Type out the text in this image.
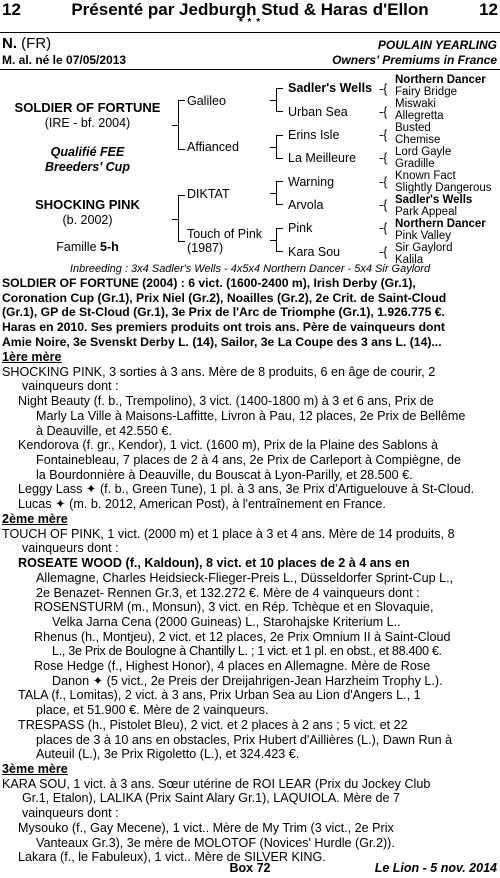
12	Présenté par Jedburgh Stud & Haras d'Ellon	12
* * *
N. (FR)	POULAIN YEARLING
M. al. né le 07/05/2013	Owners' Premiums in France
SOLDIER OF FORTUNE
(IRE - bf. 2004)
Qualifié FEE
Breeders' Cup
SHOCKING PINK
(b. 2002)
Famille 5-h
Galileo
Affianced
DIKTAT
Touch of Pink
(1987)
Sadler's Wells
Urban Sea
Erins Isle
La Meilleure
Warning
Arvola
Pink
Kara Sou
-{
-{
-{
-{
-{
-{
-{
-{
Northern Dancer
Fairy Bridge
Miswaki
Allegretta
Busted
Chemise
Lord Gayle
Gradille
Known Fact
Slightly Dangerous
Sadler's Wells
Park Appeal
Northern Dancer
Pink Valley
Sir Gaylord
Kalila
Inbreeding : 3x4 Sadler's Wells - 4x5x4 Northern Dancer - 5x4 Sir Gaylord
SOLDIER OF FORTUNE (2004) : 6 vict. (1600-2400 m), Irish Derby (Gr.1),
Coronation Cup (Gr.1), Prix Niel (Gr.2), Noailles (Gr.2), 2e Crit. de Saint-Cloud
(Gr.1), GP de St-Cloud (Gr.1), 3e Prix de l'Arc de Triomphe (Gr.1), 1.926.775 €.
Haras en 2010. Ses premiers produits ont trois ans. Père de vainqueurs dont
Amie Noire, 3e Svenskt Derby L. (14), Sailor, 3e La Coupe des 3 ans L. (14)...
1ère mère
SHOCKING PINK, 3 sorties à 3 ans. Mère de 8 produits, 6 en âge de courir, 2
vainqueurs dont :
Night Beauty (f. b., Trempolino), 3 vict. (1400-1800 m) à 3 et 6 ans, Prix de
Marly La Ville à Maisons-Laffitte, Livron à Pau, 12 places, 2e Prix de Bellême
à Deauville, et 42.550 €.
Kendorova (f. gr., Kendor), 1 vict. (1600 m), Prix de la Plaine des Sablons à
Fontainebleau, 7 places de 2 à 4 ans, 2e Prix de Carleport à Compiègne, de
la Bourdonnière à Deauville, du Bouscat à Lyon-Parilly, et 28.500 €.
Leggy Lass ✦ (f. b., Green Tune), 1 pl. à 3 ans, 3e Prix d'Artiguelouve à St-Cloud.
Lucas ✦ (m. b. 2012, American Post), à l'entraînement en France.
2ème mère
TOUCH OF PINK, 1 vict. (2000 m) et 1 place à 3 et 4 ans. Mère de 14 produits, 8
vainqueurs dont :
ROSEATE WOOD (f., Kaldoun), 8 vict. et 10 places de 2 à 4 ans en
Allemagne, Charles Heidsieck-Flieger-Preis L., Düsseldorfer Sprint-Cup L.,
2e Benazet- Rennen Gr.3, et 132.272 €. Mère de 4 vainqueurs dont :
ROSENSTURM (m., Monsun), 3 vict. en Rép. Tchèque et en Slovaquie,
Velka Jarna Cena (2000 Guineas) L., Starohajske Kriterium L..
Rhenus (h., Montjeu), 2 vict. et 12 places, 2e Prix Omnium II à Saint-Cloud
L., 3e Prix de Boulogne à Chantilly L. ; 1 vict. et 1 pl. en obst., et 88.400 €.
Rose Hedge (f., Highest Honor), 4 places en Allemagne. Mère de Rose
Danon ✦ (5 vict., 2e Preis der Dreijahrigen-Jean Harzheim Trophy L.).
TALA (f., Lomitas), 2 vict. à 3 ans, Prix Urban Sea au Lion d'Angers L., 1
place, et 51.900 €. Mère de 2 vainqueurs.
TRESPASS (h., Pistolet Bleu), 2 vict. et 2 places à 2 ans ; 5 vict. et 22
places de 3 à 10 ans en obstacles, Prix Hubert d'Aillières (L.), Dawn Run à
Auteuil (L.), 3e Prix Rigoletto (L.), et 324.423 €.
3ème mère
KARA SOU, 1 vict. à 3 ans. Sœur utérine de ROI LEAR (Prix du Jockey Club
Gr.1, Etalon), LALIKA (Prix Saint Alary Gr.1), LAQUIOLA. Mère de 7
vainqueurs dont :
Mysouko (f., Gay Mecene), 1 vict.. Mère de My Trim (3 vict., 2e Prix
Vanteaux Gr.3), 3e mère de MOLOTOF (Novices' Hurdle (Gr.2)).
Lakara (f., le Fabuleux), 1 vict.. Mère de SILVER KING.
Box 72	Le Lion - 5 nov. 2014
